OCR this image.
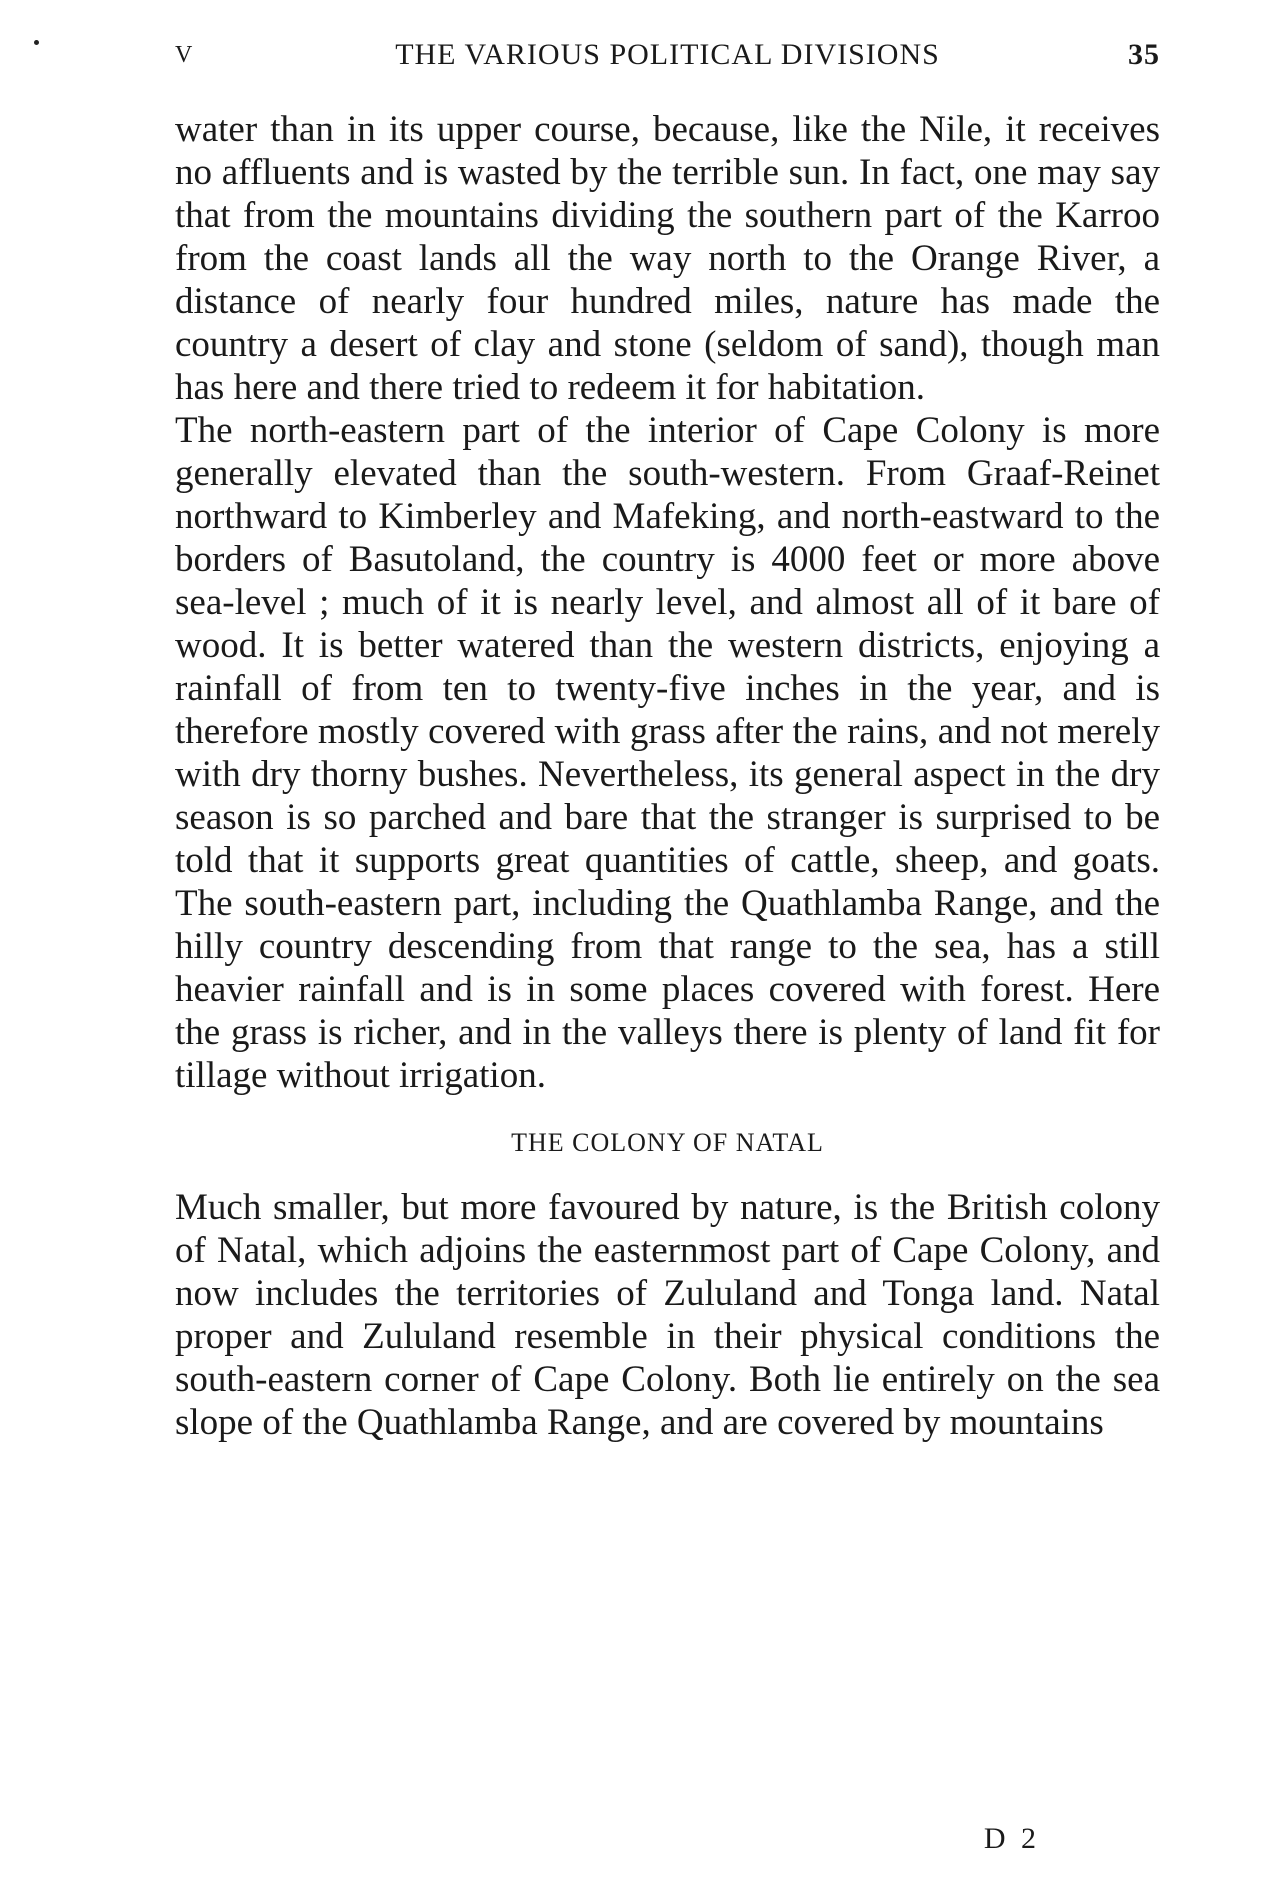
V	THE VARIOUS POLITICAL DIVISIONS	35

water than in its upper course, because, like the Nile, it receives no affluents and is wasted by the terrible sun. In fact, one may say that from the mountains dividing the southern part of the Karroo from the coast lands all the way north to the Orange River, a distance of nearly four hundred miles, nature has made the country a desert of clay and stone (seldom of sand), though man has here and there tried to redeem it for habitation.

The north-eastern part of the interior of Cape Colony is more generally elevated than the south-western. From Graaf-Reinet northward to Kimberley and Mafeking, and north-eastward to the borders of Basutoland, the country is 4000 feet or more above sea-level ; much of it is nearly level, and almost all of it bare of wood. It is better watered than the western districts, enjoying a rainfall of from ten to twenty-five inches in the year, and is therefore mostly covered with grass after the rains, and not merely with dry thorny bushes. Nevertheless, its general aspect in the dry season is so parched and bare that the stranger is surprised to be told that it supports great quantities of cattle, sheep, and goats. The south-eastern part, including the Quathlamba Range, and the hilly country descending from that range to the sea, has a still heavier rainfall and is in some places covered with forest. Here the grass is richer, and in the valleys there is plenty of land fit for tillage without irrigation.

THE COLONY OF NATAL

Much smaller, but more favoured by nature, is the British colony of Natal, which adjoins the easternmost part of Cape Colony, and now includes the territories of Zululand and Tonga land. Natal proper and Zululand resemble in their physical conditions the south-eastern corner of Cape Colony. Both lie entirely on the sea slope of the Quathlamba Range, and are covered by mountains

D 2
